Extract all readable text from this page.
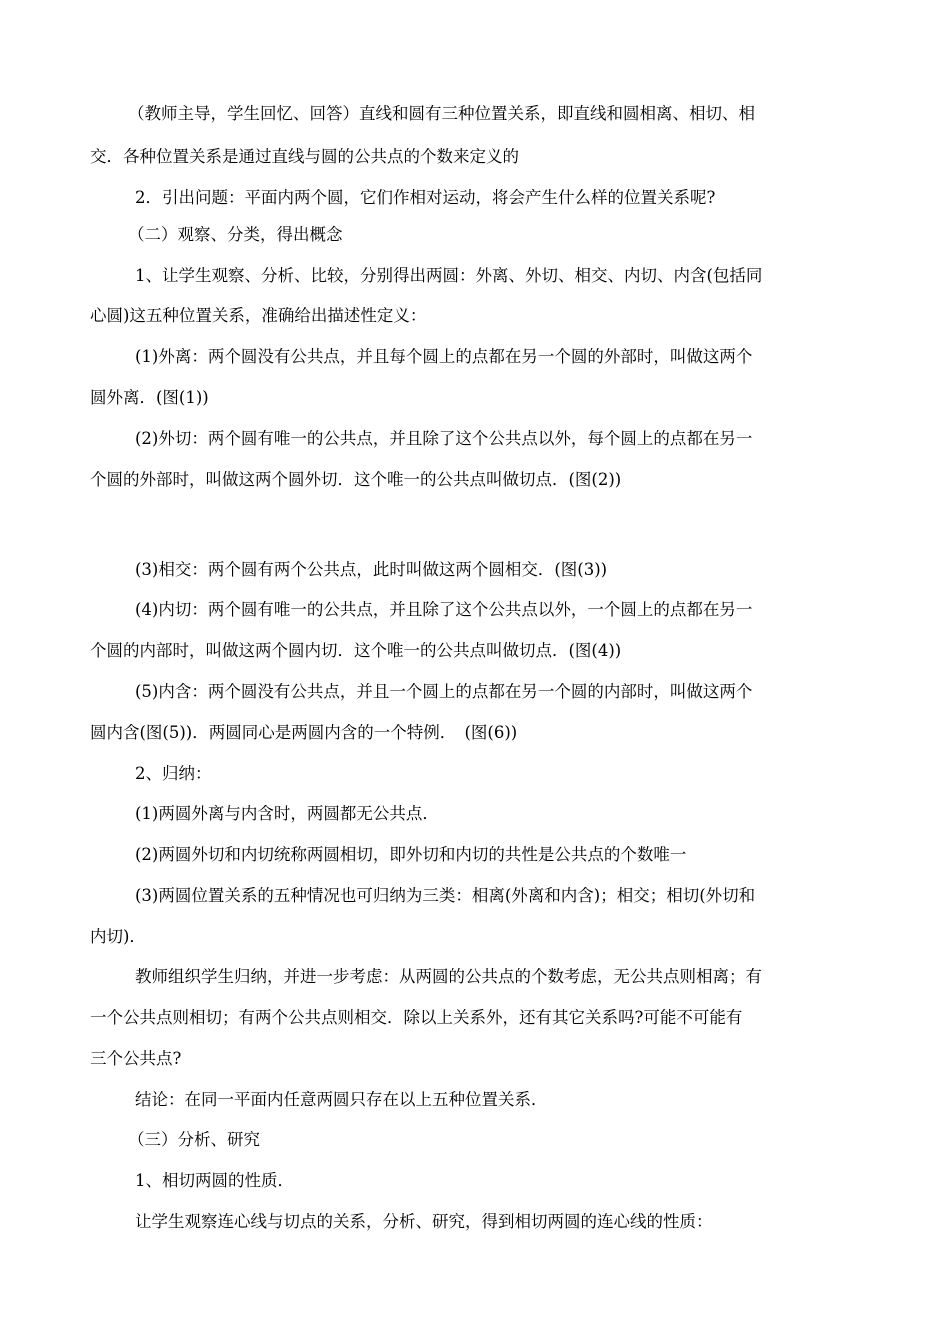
（教师主导，学生回忆、回答）直线和圆有三种位置关系，即直线和圆相离、相切、相

交．各种位置关系是通过直线与圆的公共点的个数来定义的

2．引出问题：平面内两个圆，它们作相对运动，将会产生什么样的位置关系呢?

（二）观察、分类，得出概念

1、让学生观察、分析、比较，分别得出两圆：外离、外切、相交、内切、内含(包括同

心圆)这五种位置关系，准确给出描述性定义：

(1)外离：两个圆没有公共点，并且每个圆上的点都在另一个圆的外部时，叫做这两个

圆外离．(图(1))

(2)外切：两个圆有唯一的公共点，并且除了这个公共点以外，每个圆上的点都在另一

个圆的外部时，叫做这两个圆外切．这个唯一的公共点叫做切点．(图(2))

(3)相交：两个圆有两个公共点，此时叫做这两个圆相交．(图(3))

(4)内切：两个圆有唯一的公共点，并且除了这个公共点以外，一个圆上的点都在另一

个圆的内部时，叫做这两个圆内切．这个唯一的公共点叫做切点．(图(4))

(5)内含：两个圆没有公共点，并且一个圆上的点都在另一个圆的内部时，叫做这两个

圆内含(图(5))．两圆同心是两圆内含的一个特例．　(图(6))

2、归纳：

(1)两圆外离与内含时，两圆都无公共点．

(2)两圆外切和内切统称两圆相切，即外切和内切的共性是公共点的个数唯一

(3)两圆位置关系的五种情况也可归纳为三类：相离(外离和内含)；相交；相切(外切和

内切)．

教师组织学生归纳，并进一步考虑：从两圆的公共点的个数考虑，无公共点则相离；有

一个公共点则相切；有两个公共点则相交．除以上关系外，还有其它关系吗?可能不可能有

三个公共点?

结论：在同一平面内任意两圆只存在以上五种位置关系．

（三）分析、研究

1、相切两圆的性质．

让学生观察连心线与切点的关系，分析、研究，得到相切两圆的连心线的性质：
